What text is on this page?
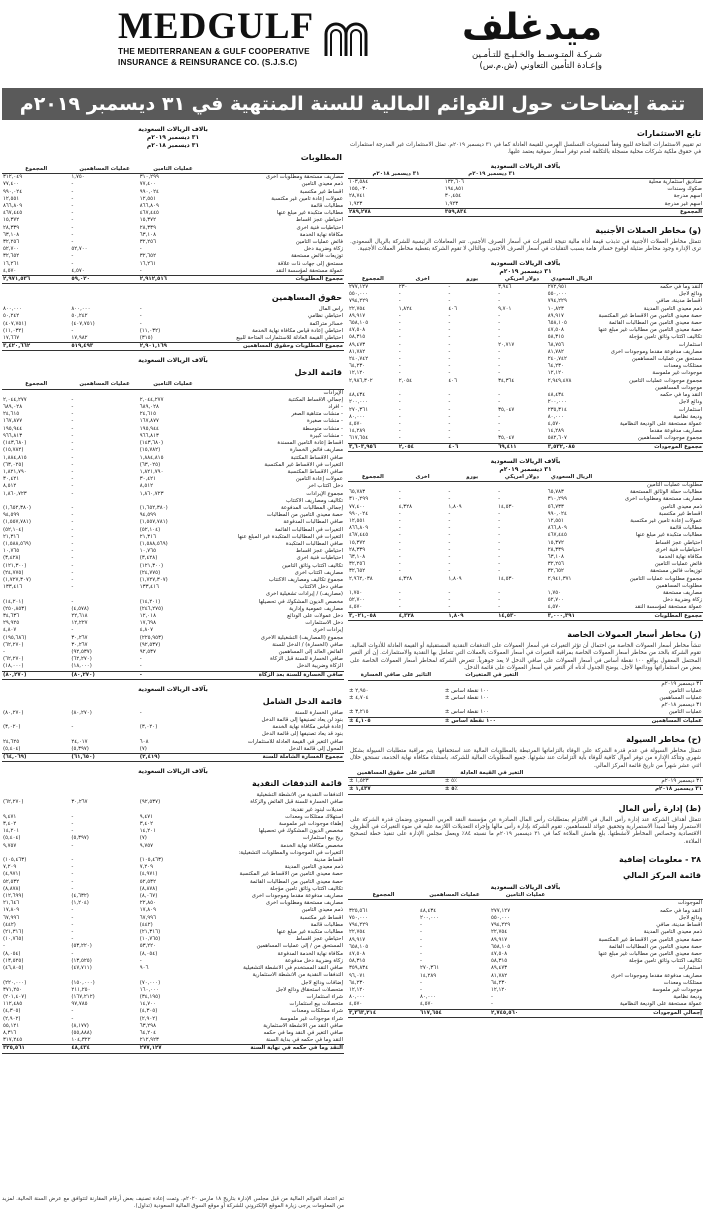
MEDGULF
THE MEDITERRANEAN & GULF COOPERATIVE
INSURANCE & REINSURANCE CO. (S.J.S.C)
ميدغلف
شـركـة المتـوسـط والخـليـج للتـأمـين
وإعـادة التأمين التعاوني (ش.م.س)
تتمة إيضاحات حول القوائم المالية للسنة المنتهية في ٣١ ديسمبر ٢٠١٩م
تابع الاستثمارات
تم تقييم الاستثمارات المتاحة للبيع وفقاً لمستويات التسلسل الهرمي للقيمة العادلة كما في ٣١ ديسمبر ٢٠١٩م. تمثل الاستثمارات غير المدرجة استثمارات في حقوق ملكية شركات محلية مسجلة بالتكلفة لعدم توفر أسعار سوقية يعتمد عليها.
بآلاف الريالات السعودية
٣١ ديسمبر ٢٠١٨م	٣١ ديسمبر ٢٠١٩م	
١٠٣,٥٨٤	١٣٢,٦٠٦	صناديق استثمارية محلية
١٥٥,٠٣٠	١٩٤,٨٥١	صكوك وسندات
٢٨,٧٤١	٣٠,٤٥٤	أسهم مدرجة
١,٩٢٣	١,٩٢٣	أسهم غير مدرجة
٢٨٩,٢٧٨	٣٥٩,٨٣٤	المجموع
(و) مخاطر العملات الأجنبية
تتمثل مخاطر العملات الأجنبية في تذبذب قيمة أداة مالية نتيجة للتغيرات في أسعار الصرف الأجنبي. تتم المعاملات الرئيسية للشركة بالريال السعودي. ترى الإدارة وجود مخاطر ضئيلة لوقوع خسائر هامة بسبب التقلبات في أسعار الصرف الأجنبي، وبالتالي لا تقوم الشركة بتغطية مخاطر العملات الأجنبية.
بآلاف الريالات السعودية
٣١ ديسمبر ٢٠١٩م
المجموع	أخرى	يورو	دولار أمريكي	الريال السعودي	
٢٧٧,١٢٧	٢٣٠	-	٣,٩٤٦	٢٧٢,٩٥١	النقد وما في حكمه
٥٥٠,٠٠٠	-	-	-	٥٥٠,٠٠٠	ودائع لأجل
٧٩٤,٢٢٩	-	-	-	٧٩٤,٢٢٩	أقساط مدينة، صافي
٢٢,٧٥٤	١,٨٢٤	٤٠٦	٩,٧٠١	١٠,٨٢٣	ذمم معيدي التأمين المدينة
٨٩,٩١٧	-	-	-	٨٩,٩١٧	حصة معيدي التأمين من الأقساط غير المكتسبة
٦٥٨,١٠٥	-	-	-	٦٥٨,١٠٥	حصة معيدي التأمين من المطالبات القائمة
٤٧,٥٠٨	-	-	-	٤٧,٥٠٨	حصة معيدي التأمين من مطالبات غير مبلغ عنها
٥٨,٣١٥	-	-	-	٥٨,٣١٥	تكاليف اكتتاب وثائق تأمين مؤجلة
٨٩,٤٧٣	-	-	٢٠,٧١٧	٦٨,٧٥٦	استثمارات
٨١,٧٨٢	-	-	-	٨١,٧٨٢	مصاريف مدفوعة مقدماً وموجودات أخرى
٢٤٠,٧٤٢	-	-	-	٢٤٠,٧٤٢	مستحق من عمليات المساهمين
٦٤,٢٣٠	-	-	-	٦٤,٢٣٠	ممتلكات ومعدات
١٢,١٢٠	-	-	-	١٢,١٢٠	موجودات غير ملموسة
٢,٩٨٦,٣٠٢	٢,٠٥٤	٤٠٦	٣٤,٣٦٤	٢,٩٤٩,٤٧٨	مجموع موجودات عمليات التأمين
					موجودات المساهمين
٤٨,٤٣٤	-	-	-	٤٨,٤٣٤	النقد وما في حكمه
٢٠٠,٠٠٠	-	-	-	٢٠٠,٠٠٠	ودائع لأجل
٢٧٠,٣٦١	-	-	٣٥,٠٤٧	٢٣٥,٣١٤	استثمارات
٨٠,٠٠٠	-	-	-	٨٠,٠٠٠	وديعة نظامية
٤,٥٧٠	-	-	-	٤,٥٧٠	عمولة مستحقة على الوديعة النظامية
١٤,٢٨٩	-	-	-	١٤,٢٨٩	مصاريف مدفوعة مقدماً
٦١٧,٦٥٤	-	-	٣٥,٠٤٧	٥٨٢,٦٠٧	مجموع موجودات المساهمين
٣,٦٠٣,٩٥٦	٢,٠٥٤	٤٠٦	٦٩,٤١١	٣,٥٣٢,٠٨٥	مجموع الموجودات
بآلاف الريالات السعودية
٣١ ديسمبر ٢٠١٩م
المجموع	أخرى	يورو	دولار أمريكي	الريال السعودي	
					مطلوبات عمليات التأمين
٦٥,٧٨٣	-	-	-	٦٥,٧٨٣	مطالبات حملة الوثائق المستحقة
٣١٠,٢٩٩	-	-	-	٣١٠,٢٩٩	مصاريف مستحقة ومطلوبات أخرى
٧٧,٤٠٠	٤,٣٢٨	١,٨٠٩	١٤,٥٣٠	٥٦,٧٣٣	ذمم معيدي التأمين
٩٩٠,٠٢٤	-	-	-	٩٩٠,٠٢٤	أقساط غير مكتسبة
١٢,٥٥١	-	-	-	١٢,٥٥١	عمولات إعادة تأمين غير مكتسبة
٨٦٦,٨٠٩	-	-	-	٨٦٦,٨٠٩	مطالبات قائمة
٤٦٧,٤٤٥	-	-	-	٤٦٧,٤٤٥	مطالبات متكبدة غير مبلغ عنها
١٥,٣٧٢	-	-	-	١٥,٣٧٢	احتياطي عجز أقساط
٢٨,٣٣٩	-	-	-	٢٨,٣٣٩	احتياطيات فنية أخرى
٦٣,١٠٨	-	-	-	٦٣,١٠٨	مكافأة نهاية الخدمة
٣٢,٢٥٦	-	-	-	٣٢,٢٥٦	فائض عمليات التأمين
٣٢,٦٥٢	-	-	-	٣٢,٦٥٢	توزيعات فائض مستحقة
٢,٩٦٢,٠٣٨	٤,٣٢٨	١,٨٠٩	١٤,٥٣٠	٢,٩٤١,٣٧١	مجموع مطلوبات عمليات التأمين
					مطلوبات المساهمين
١,٧٥٠	-	-	-	١,٧٥٠	مصاريف مستحقة
٥٢,٧٠٠	-	-	-	٥٢,٧٠٠	زكاة وضريبة دخل
٤,٥٧٠	-	-	-	٤,٥٧٠	عمولة مستحقة لمؤسسة النقد
٣,٠٢١,٠٥٨	٤,٣٢٨	١,٨٠٩	١٤,٥٣٠	٣,٠٠٠,٣٩١	مجموع المطلوبات
(ز) مخاطر أسعار العمولات الخاصة
تنشأ مخاطر أسعار العمولات الخاصة من احتمال أن تؤثر التغيرات في أسعار العمولات على التدفقات النقدية المستقبلية أو القيمة العادلة للأدوات المالية. تقوم الشركة بالحد من مخاطر أسعار العمولات الخاصة بمراقبة التغيرات في أسعار العمولات بالعملات التي تتعامل بها النقدية والاستثمارات. إن أثر التغير المحتمل المعقول بواقع ١٠٠ نقطة أساس في أسعار العمولات على صافي الدخل لا يعد جوهرياً. تتعرض الشركة لمخاطر أسعار العمولات الخاصة على بعض من استثماراتها وودائعها لأجل. يوضح الجدول أدناه أثر التغير في أسعار العمولات على قائمة الدخل.
التأثير على صافي الخسارة	التغير في المتغيرات	
		٣١ ديسمبر ٢٠١٩م
± ٢,٩٥٠	± ١٠٠ نقطة أساس	عمليات التأمين
± ٤,٧٠٤	± ١٠٠ نقطة أساس	عمليات المساهمين
		٣١ ديسمبر ٢٠١٨م
± ٣,٢١٥	± ١٠٠ نقطة أساس	عمليات التأمين
± ٤,١٠٥	± ١٠٠ نقطة أساس	عمليات المساهمين
(ح) مخاطر السيولة
تتمثل مخاطر السيولة في عدم قدرة الشركة على الوفاء بالتزاماتها المرتبطة بالمطلوبات المالية عند استحقاقها. يتم مراقبة متطلبات السيولة بشكل شهري وتتأكد الإدارة من توفر أموال كافية للوفاء بأية التزامات عند نشوئها. جميع المطلوبات المالية للشركة، باستثناء مكافأة نهاية الخدمة، تستحق خلال اثني عشر شهراً من تاريخ قائمة المركز المالي.
التأثير على حقوق المساهمين	التغير في القيمة العادلة	
± ١,٥٢٣	± ٥٪	٣١ ديسمبر ٢٠١٩م
± ١,٤٣٧	± ٥٪	٣١ ديسمبر ٢٠١٨م
(ط) إدارة رأس المال
تتمثل أهداف الشركة عند إدارة رأس المال في الالتزام بمتطلبات رأس المال الصادرة عن مؤسسة النقد العربي السعودي وضمان قدرة الشركة على الاستمرار وفقاً لمبدأ الاستمرارية وتحقيق عوائد للمساهمين. تقوم الشركة بإدارة رأس مالها وإجراء التعديلات اللازمة عليه في ضوء التغيرات في الظروف الاقتصادية وخصائص المخاطر لأنشطتها. بلغ هامش الملاءة كما في ٣١ ديسمبر ٢٠١٩م ما نسبته ٨٤٪ ويعمل مجلس الإدارة على تنفيذ خطة لتصحيح الملاءة.
٣٨ - معلومات إضافية
قائمة المركز المالي
بآلاف الريالات السعودية
المجموع	عمليات المساهمين	عمليات التأمين	
			الموجودات
٣٢٥,٥٦١	٤٨,٤٣٤	٢٧٧,١٢٧	النقد وما في حكمه
٧٥٠,٠٠٠	٢٠٠,٠٠٠	٥٥٠,٠٠٠	ودائع لأجل
٧٩٤,٢٢٩	-	٧٩٤,٢٢٩	أقساط مدينة، صافي
٢٢,٧٥٤	-	٢٢,٧٥٤	ذمم معيدي التأمين المدينة
٨٩,٩١٧	-	٨٩,٩١٧	حصة معيدي التأمين من الأقساط غير المكتسبة
٦٥٨,١٠٥	-	٦٥٨,١٠٥	حصة معيدي التأمين من المطالبات القائمة
٤٧,٥٠٨	-	٤٧,٥٠٨	حصة معيدي التأمين من مطالبات غير مبلغ عنها
٥٨,٣١٥	-	٥٨,٣١٥	تكاليف اكتتاب وثائق تأمين مؤجلة
٣٥٩,٨٣٤	٢٧٠,٣٦١	٨٩,٤٧٣	استثمارات
٩٦,٠٧١	١٤,٢٨٩	٨١,٧٨٢	مصاريف مدفوعة مقدماً وموجودات أخرى
٦٤,٢٣٠	-	٦٤,٢٣٠	ممتلكات ومعدات
١٢,١٢٠	-	١٢,١٢٠	موجودات غير ملموسة
٨٠,٠٠٠	٨٠,٠٠٠	-	وديعة نظامية
٤,٥٧٠	٤,٥٧٠	-	عمولة مستحقة على الوديعة النظامية
٣,٣٦٣,٢١٤	٦١٧,٦٥٤	٢,٧٤٥,٥٦٠	إجمالي الموجودات
بآلاف الريالات السعودية
٣١ ديسمبر ٢٠١٩م
٣١ ديسمبر ٢٠١٨م
المطلوبات
المجموع	عمليات المساهمين	عمليات التأمين	
٣١٢,٠٤٩	١,٧٥٠	٣١٠,٢٩٩	مصاريف مستحقة ومطلوبات أخرى
٧٧,٤٠٠	-	٧٧,٤٠٠	ذمم معيدي التأمين
٩٩٠,٠٢٤	-	٩٩٠,٠٢٤	أقساط غير مكتسبة
١٢,٥٥١	-	١٢,٥٥١	عمولات إعادة تأمين غير مكتسبة
٨٦٦,٨٠٩	-	٨٦٦,٨٠٩	مطالبات قائمة
٤٦٧,٤٤٥	-	٤٦٧,٤٤٥	مطالبات متكبدة غير مبلغ عنها
١٥,٣٧٢	-	١٥,٣٧٢	احتياطي عجز أقساط
٢٨,٣٣٩	-	٢٨,٣٣٩	احتياطيات فنية أخرى
٦٣,١٠٨	-	٦٣,١٠٨	مكافأة نهاية الخدمة
٣٢,٢٥٦	-	٣٢,٢٥٦	فائض عمليات التأمين
٥٢,٧٠٠	٥٢,٧٠٠	-	زكاة وضريبة دخل
٣٢,٦٥٢	-	٣٢,٦٥٢	توزيعات فائض مستحقة
١٦,٢٦١	-	١٦,٢٦١	مستحق إلى جهات ذات علاقة
٤,٥٧٠	٤,٥٧٠	-	عمولة مستحقة لمؤسسة النقد
٢,٩٧١,٥٣٦	٥٩,٠٢٠	٢,٩١٢,٥١٦	مجموع المطلوبات
حقوق المساهمين
٨٠٠,٠٠٠	٨٠٠,٠٠٠	-	رأس المال
٥٠,٢٤٢	٥٠,٢٤٢	-	احتياطي نظامي
(٤٠٧,٧٥١)	(٤٠٧,٧٥١)	-	خسائر متراكمة
(١١,٠٣٢)	-	(١١,٠٣٢)	احتياطي إعادة قياس مكافأة نهاية الخدمة
١٧,٦٦٧	١٧,٩٨٢	(٣١٥)	احتياطي القيمة العادلة للاستثمارات المتاحة للبيع
٣,٤٢٠,٦٦٢	٥١٩,٤٩٣	٢,٩٠١,١٦٩	مجموع المطلوبات وحقوق المساهمين
بآلاف الريالات السعودية
قائمة الدخل
المجموع	عمليات المساهمين	عمليات التأمين	
			الإيرادات
٢,٠٤٤,٢٧٧	-	٢,٠٤٤,٢٧٧	إجمالي الأقساط المكتتبة
٦٨٩,٠٢٨	-	٦٨٩,٠٢٨	- أفراد
٢٤,٦١٥	-	٢٤,٦١٥	- منشآت متناهية الصغر
١٦٧,٨٧٧	-	١٦٧,٨٧٧	- منشآت صغيرة
١٩٥,٩٤٤	-	١٩٥,٩٤٤	- منشآت متوسطة
٩٦٦,٨١٣	-	٩٦٦,٨١٣	- منشآت كبيرة
(١٤٣,٦٨٠)	-	(١٤٣,٦٨٠)	أقساط إعادة التأمين المسندة
(١٥,٧٨٢)	-	(١٥,٧٨٢)	مصاريف فائض الخسارة
١,٨٨٤,٨١٥	-	١,٨٨٤,٨١٥	صافي الأقساط المكتتبة
(٦٣,٠٢٥)	-	(٦٣,٠٢٥)	التغيرات في الأقساط غير المكتسبة
١,٨٢١,٧٩٠	-	١,٨٢١,٧٩٠	صافي الأقساط المكتسبة
٣٠,٤٢١	-	٣٠,٤٢١	عمولات إعادة التأمين
٨,٥١٢	-	٨,٥١٢	دخل اكتتاب آخر
١,٨٦٠,٧٢٣	-	١,٨٦٠,٧٢٣	مجموع الإيرادات
			تكاليف ومصاريف الاكتتاب
(١,٦٥٢,٣٨٠)	-	(١,٦٥٢,٣٨٠)	إجمالي المطالبات المدفوعة
٩٤,٥٩٩	-	٩٤,٥٩٩	حصة معيدي التأمين من المطالبات
(١,٥٥٧,٧٨١)	-	(١,٥٥٧,٧٨١)	صافي المطالبات المدفوعة
(٥٢,١٠٤)	-	(٥٢,١٠٤)	التغيرات في المطالبات القائمة
٢١,٣١٦	-	٢١,٣١٦	التغيرات في المطالبات المتكبدة غير المبلغ عنها
(١,٥٨٨,٥٦٩)	-	(١,٥٨٨,٥٦٩)	صافي المطالبات المتكبدة
١٠,٧٦٥	-	١٠,٧٦٥	احتياطي عجز أقساط
(٣,٤٢٨)	-	(٣,٤٢٨)	احتياطيات فنية أخرى
(١٢١,٣٠٠)	-	(١٢١,٣٠٠)	تكاليف اكتتاب وثائق التأمين
(٢٤,٧٧٥)	-	(٢٤,٧٧٥)	مصاريف اكتتاب أخرى
(١,٧٢٧,٣٠٧)	-	(١,٧٢٧,٣٠٧)	مجموع تكاليف ومصاريف الاكتتاب
١٣٣,٤١٦	-	١٣٣,٤١٦	صافي دخل الاكتتاب
			(مصاريف) / إيرادات تشغيلية أخرى
(١٤,٢٠١)	-	(١٤,٢٠١)	مخصص الديون المشكوك في تحصيلها
(٢٥٠,٨٥٣)	(٤,٥٧٨)	(٢٤٦,٢٧٥)	مصاريف عمومية وإدارية
٣٤,٦٣٦	٢٢,٦١٨	١٢,٠١٨	دخل عمولات على الودائع
٢٩,٩٢٥	١٢,٢٢٧	١٧,٦٩٨	دخل الاستثمارات
٤,٨٠٧	-	٤,٨٠٧	إيرادات أخرى
(١٩٥,٦٨٦)	٣٠,٢٦٧	(٢٢٥,٩٥٣)	مجموع (المصاريف) التشغيلية الأخرى
(٦٢,٢٧٠)	٣٠,٢٦٧	(٩٢,٥٣٧)	صافي (الخسارة) / الدخل للسنة
-	(٩٢,٥٣٧)	٩٢,٥٣٧	الفائض العائد إلى المساهمين
(٦٢,٢٧٠)	(٦٢,٢٧٠)	-	صافي الخسارة للسنة قبل الزكاة
(١٨,٠٠٠)	(١٨,٠٠٠)	-	الزكاة وضريبة الدخل
(٨٠,٢٧٠)	(٨٠,٢٧٠)	-	صافي الخسارة للسنة بعد الزكاة
بآلاف الريالات السعودية
قائمة الدخل الشامل
(٨٠,٢٧٠)	(٨٠,٢٧٠)	-	صافي الخسارة للسنة
			بنود لن يعاد تصنيفها إلى قائمة الدخل
(٣,٠٢٠)	-	(٣,٠٢٠)	إعادة قياس مكافأة نهاية الخدمة
			بنود قد يعاد تصنيفها إلى قائمة الدخل
٢٤,٦٢٥	٢٤,٠١٧	٦٠٨	صافي التغير في القيمة العادلة للاستثمارات
(٥,٤٠٤)	(٥,٣٩٧)	(٧)	المحول إلى قائمة الدخل
(٦٤,٠٦٩)	(٦١,٦٥٠)	(٢,٤١٩)	مجموع الخسارة الشاملة للسنة
بآلاف الريالات السعودية
قائمة التدفقات النقدية
			التدفقات النقدية من الأنشطة التشغيلية
(٦٢,٢٧٠)	٣٠,٢٦٧	(٩٢,٥٣٧)	صافي الخسارة للسنة قبل الفائض والزكاة
			تعديلات لبنود غير نقدية:
٩,٤٧١	-	٩,٤٧١	استهلاك ممتلكات ومعدات
٣,٤٠٢	-	٣,٤٠٢	إطفاء موجودات غير ملموسة
١٤,٢٠١	-	١٤,٢٠١	مخصص الديون المشكوك في تحصيلها
(٥,٤٠٤)	(٥,٣٩٧)	(٧)	ربح بيع استثمارات
٩,٧٥٧	-	٩,٧٥٧	مخصص مكافأة نهاية الخدمة
			التغيرات في الموجودات والمطلوبات التشغيلية:
(١٠٥,٤٦٣)	-	(١٠٥,٤٦٣)	أقساط مدينة
٧,٢٠٩	-	٧,٢٠٩	ذمم معيدي التأمين المدينة
(٤,٩٧١)	-	(٤,٩٧١)	حصة معيدي التأمين من الأقساط غير المكتسبة
٥٢,٥٣٢	-	٥٢,٥٣٢	حصة معيدي التأمين من المطالبات القائمة
(٨,٨٧٨)	-	(٨,٨٧٨)	تكاليف اكتتاب وثائق تأمين مؤجلة
(١٢,٦٩٩)	(٤,٦٣٢)	(٨,٠٦٧)	مصاريف مدفوعة مقدماً وموجودات أخرى
٢١,٦٤٦	(١,٢٠٤)	٢٢,٨٥٠	مصاريف مستحقة ومطلوبات أخرى
١٧,٨٠٩	-	١٧,٨٠٩	ذمم معيدي التأمين
٦٧,٩٩٦	-	٦٧,٩٩٦	أقساط غير مكتسبة
(٤٤٢)	-	(٤٤٢)	مطالبات قائمة
(٢١,٣١٦)	-	(٢١,٣١٦)	مطالبات متكبدة غير مبلغ عنها
(١٠,٧٦٥)	-	(١٠,٧٦٥)	احتياطي عجز أقساط
-	(٥٣,٢٢٠)	٥٣,٢٢٠	المستحق من / إلى عمليات المساهمين
(٨,٠٥٤)	-	(٨,٠٥٤)	مكافأة نهاية الخدمة المدفوعة
(١٣,٥٢٥)	(١٣,٥٢٥)	-	زكاة وضريبة دخل مدفوعة
(٤٦,٨٠٥)	(٤٧,٧١١)	٩٠٦	صافي النقد المستخدم في الأنشطة التشغيلية
			التدفقات النقدية من الأنشطة الاستثمارية
(٢٢٠,٠٠٠)	(١٥٠,٠٠٠)	(٧٠,٠٠٠)	إضافات ودائع لأجل
٣٧١,٢٥٠	٢١١,٢٥٠	١٦٠,٠٠٠	متحصلات استحقاق ودائع لأجل
(٢٠١,٤٠٧)	(١٦٧,٢١٢)	(٣٤,١٩٥)	شراء استثمارات
١١٢,٤٨٥	٩٧,٧٨٥	١٤,٧٠٠	متحصلات بيع استثمارات
(٤,٣٠٥)	-	(٤,٣٠٥)	شراء ممتلكات ومعدات
(٢,٩٠٢)	-	(٢,٩٠٢)	شراء موجودات غير ملموسة
٥٥,١٢١	(٨,١٧٧)	٦٣,٢٩٨	صافي النقد من الأنشطة الاستثمارية
٨,٣١٦	(٥٥,٨٨٨)	٦٤,٢٠٤	صافي التغير في النقد وما في حكمه
٣١٧,٢٤٥	١٠٤,٣٢٢	٢١٢,٩٢٣	النقد وما في حكمه في بداية السنة
٣٢٥,٥٦١	٤٨,٤٣٤	٢٧٧,١٢٧	النقد وما في حكمه في نهاية السنة
تم اعتماد القوائم المالية من قبل مجلس الإدارة بتاريخ ١٨ مارس ٢٠٢٠م. وتمت إعادة تصنيف بعض أرقام المقارنة لتتوافق مع عرض السنة الحالية. لمزيد من المعلومات يرجى زيارة الموقع الإلكتروني للشركة أو موقع السوق المالية السعودية (تداول).
